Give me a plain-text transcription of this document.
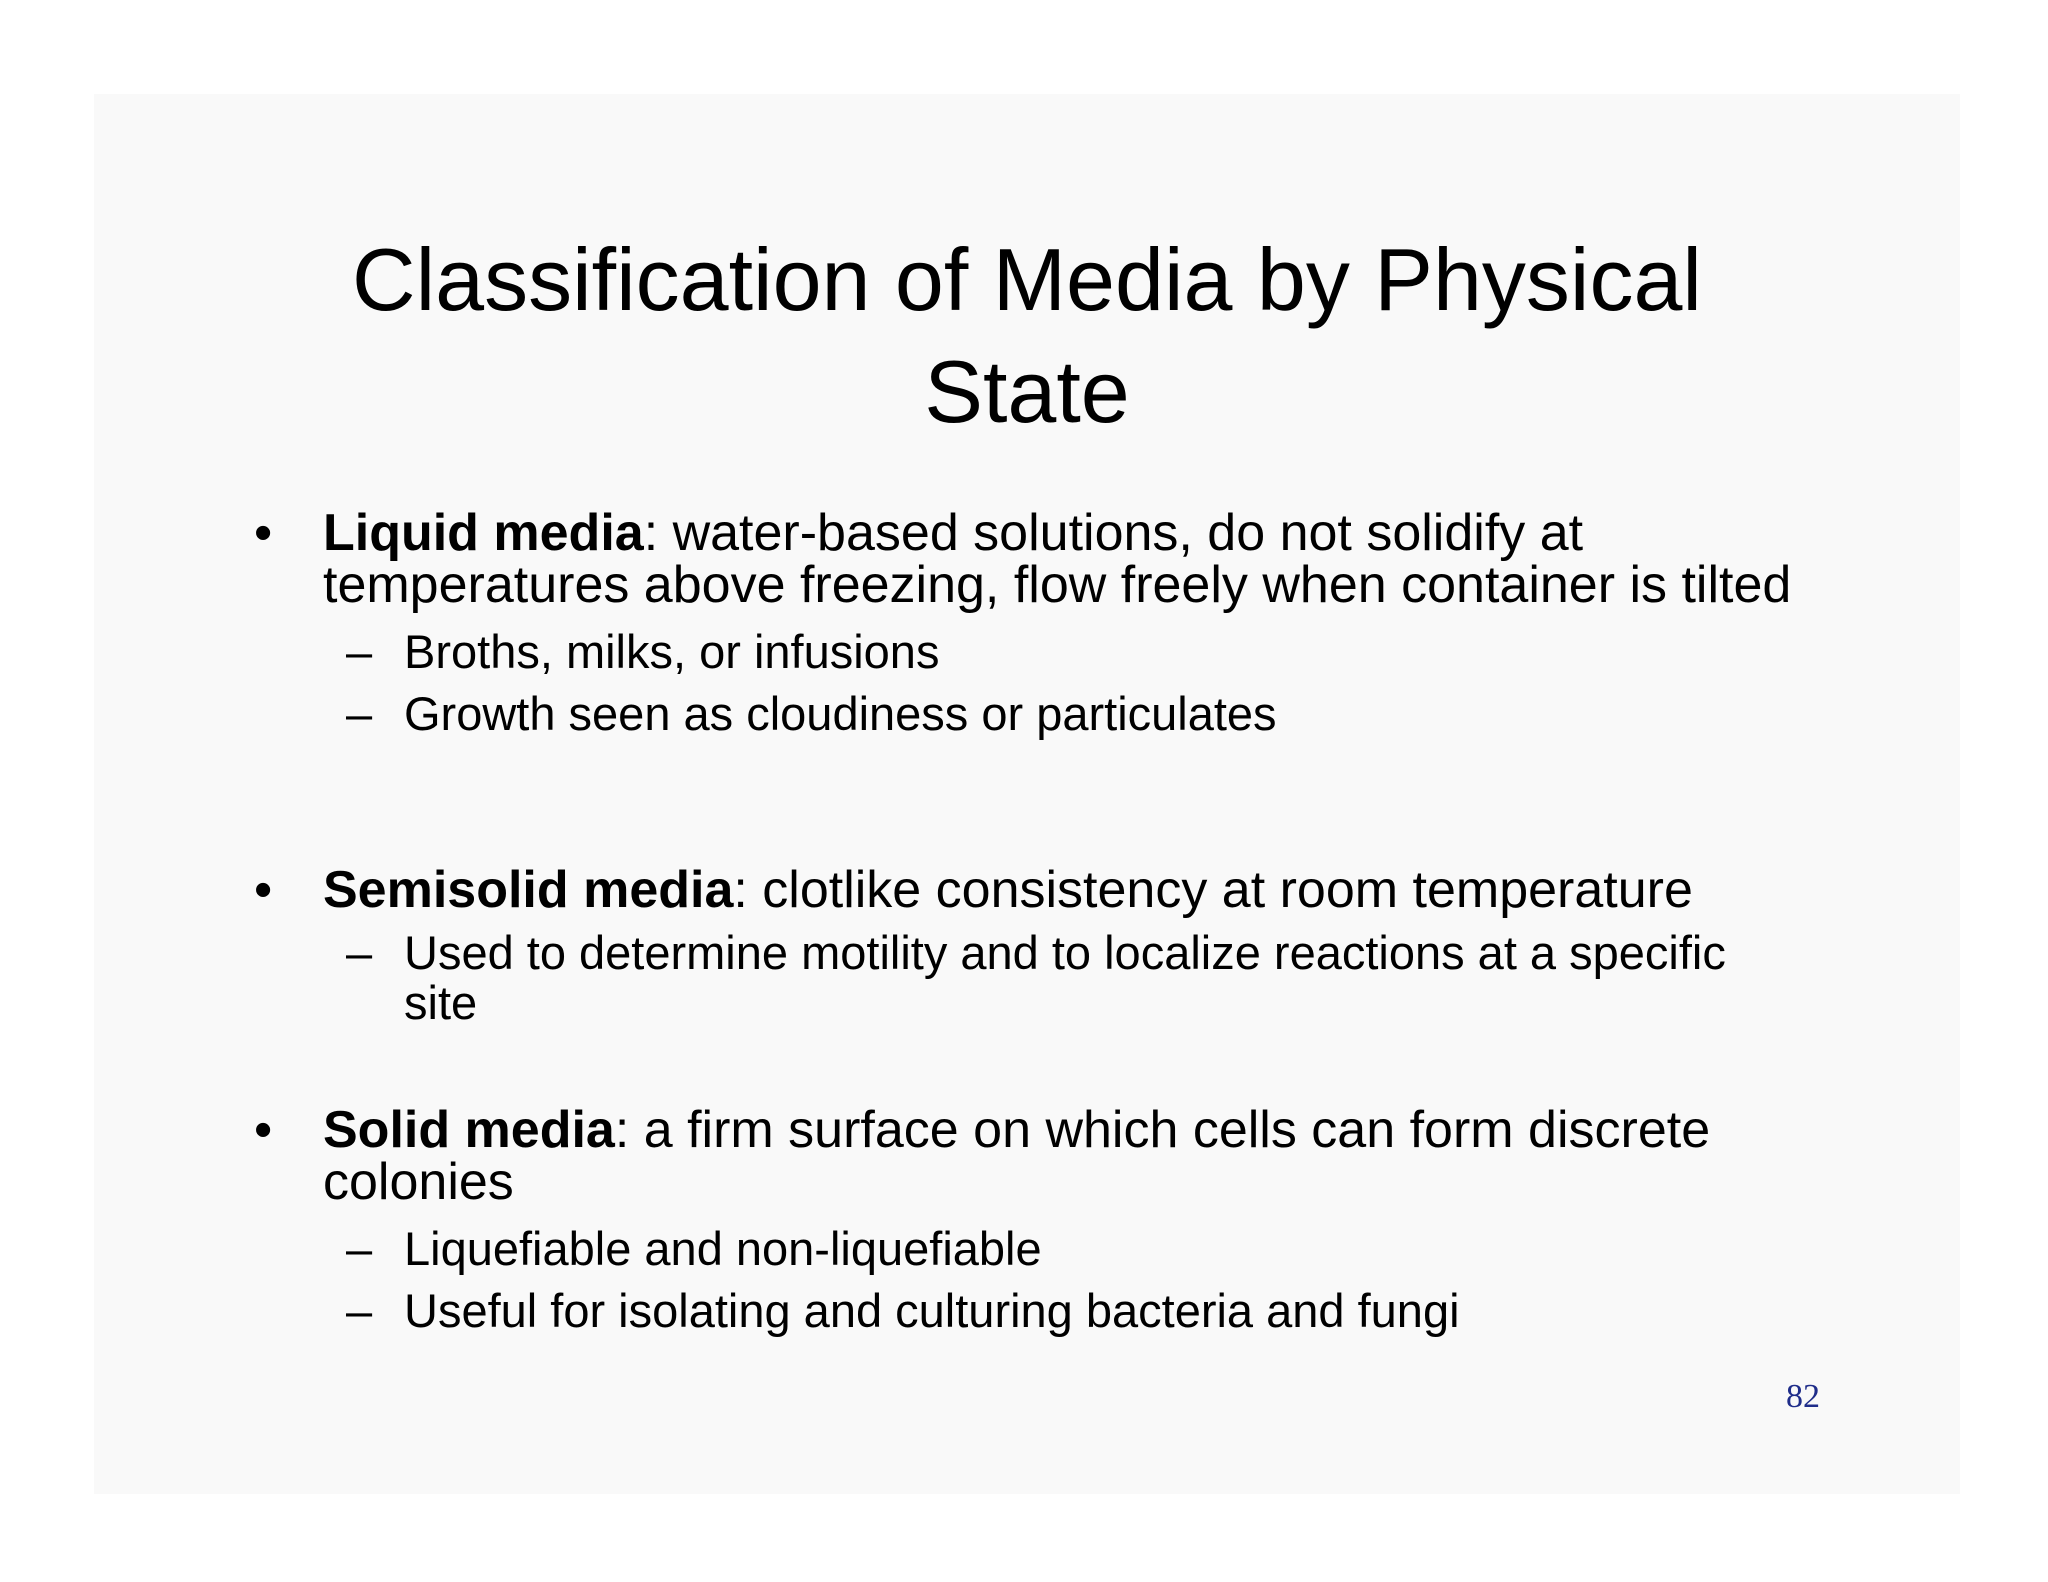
Classification of Media by Physical
State
• Liquid media: water-based solutions, do not solidify at temperatures above freezing, flow freely when container is tilted
– Broths, milks, or infusions
– Growth seen as cloudiness or particulates
• Semisolid media: clotlike consistency at room temperature
– Used to determine motility and to localize reactions at a specific site
• Solid media: a firm surface on which cells can form discrete colonies
– Liquefiable and non-liquefiable
– Useful for isolating and culturing bacteria and fungi
82
